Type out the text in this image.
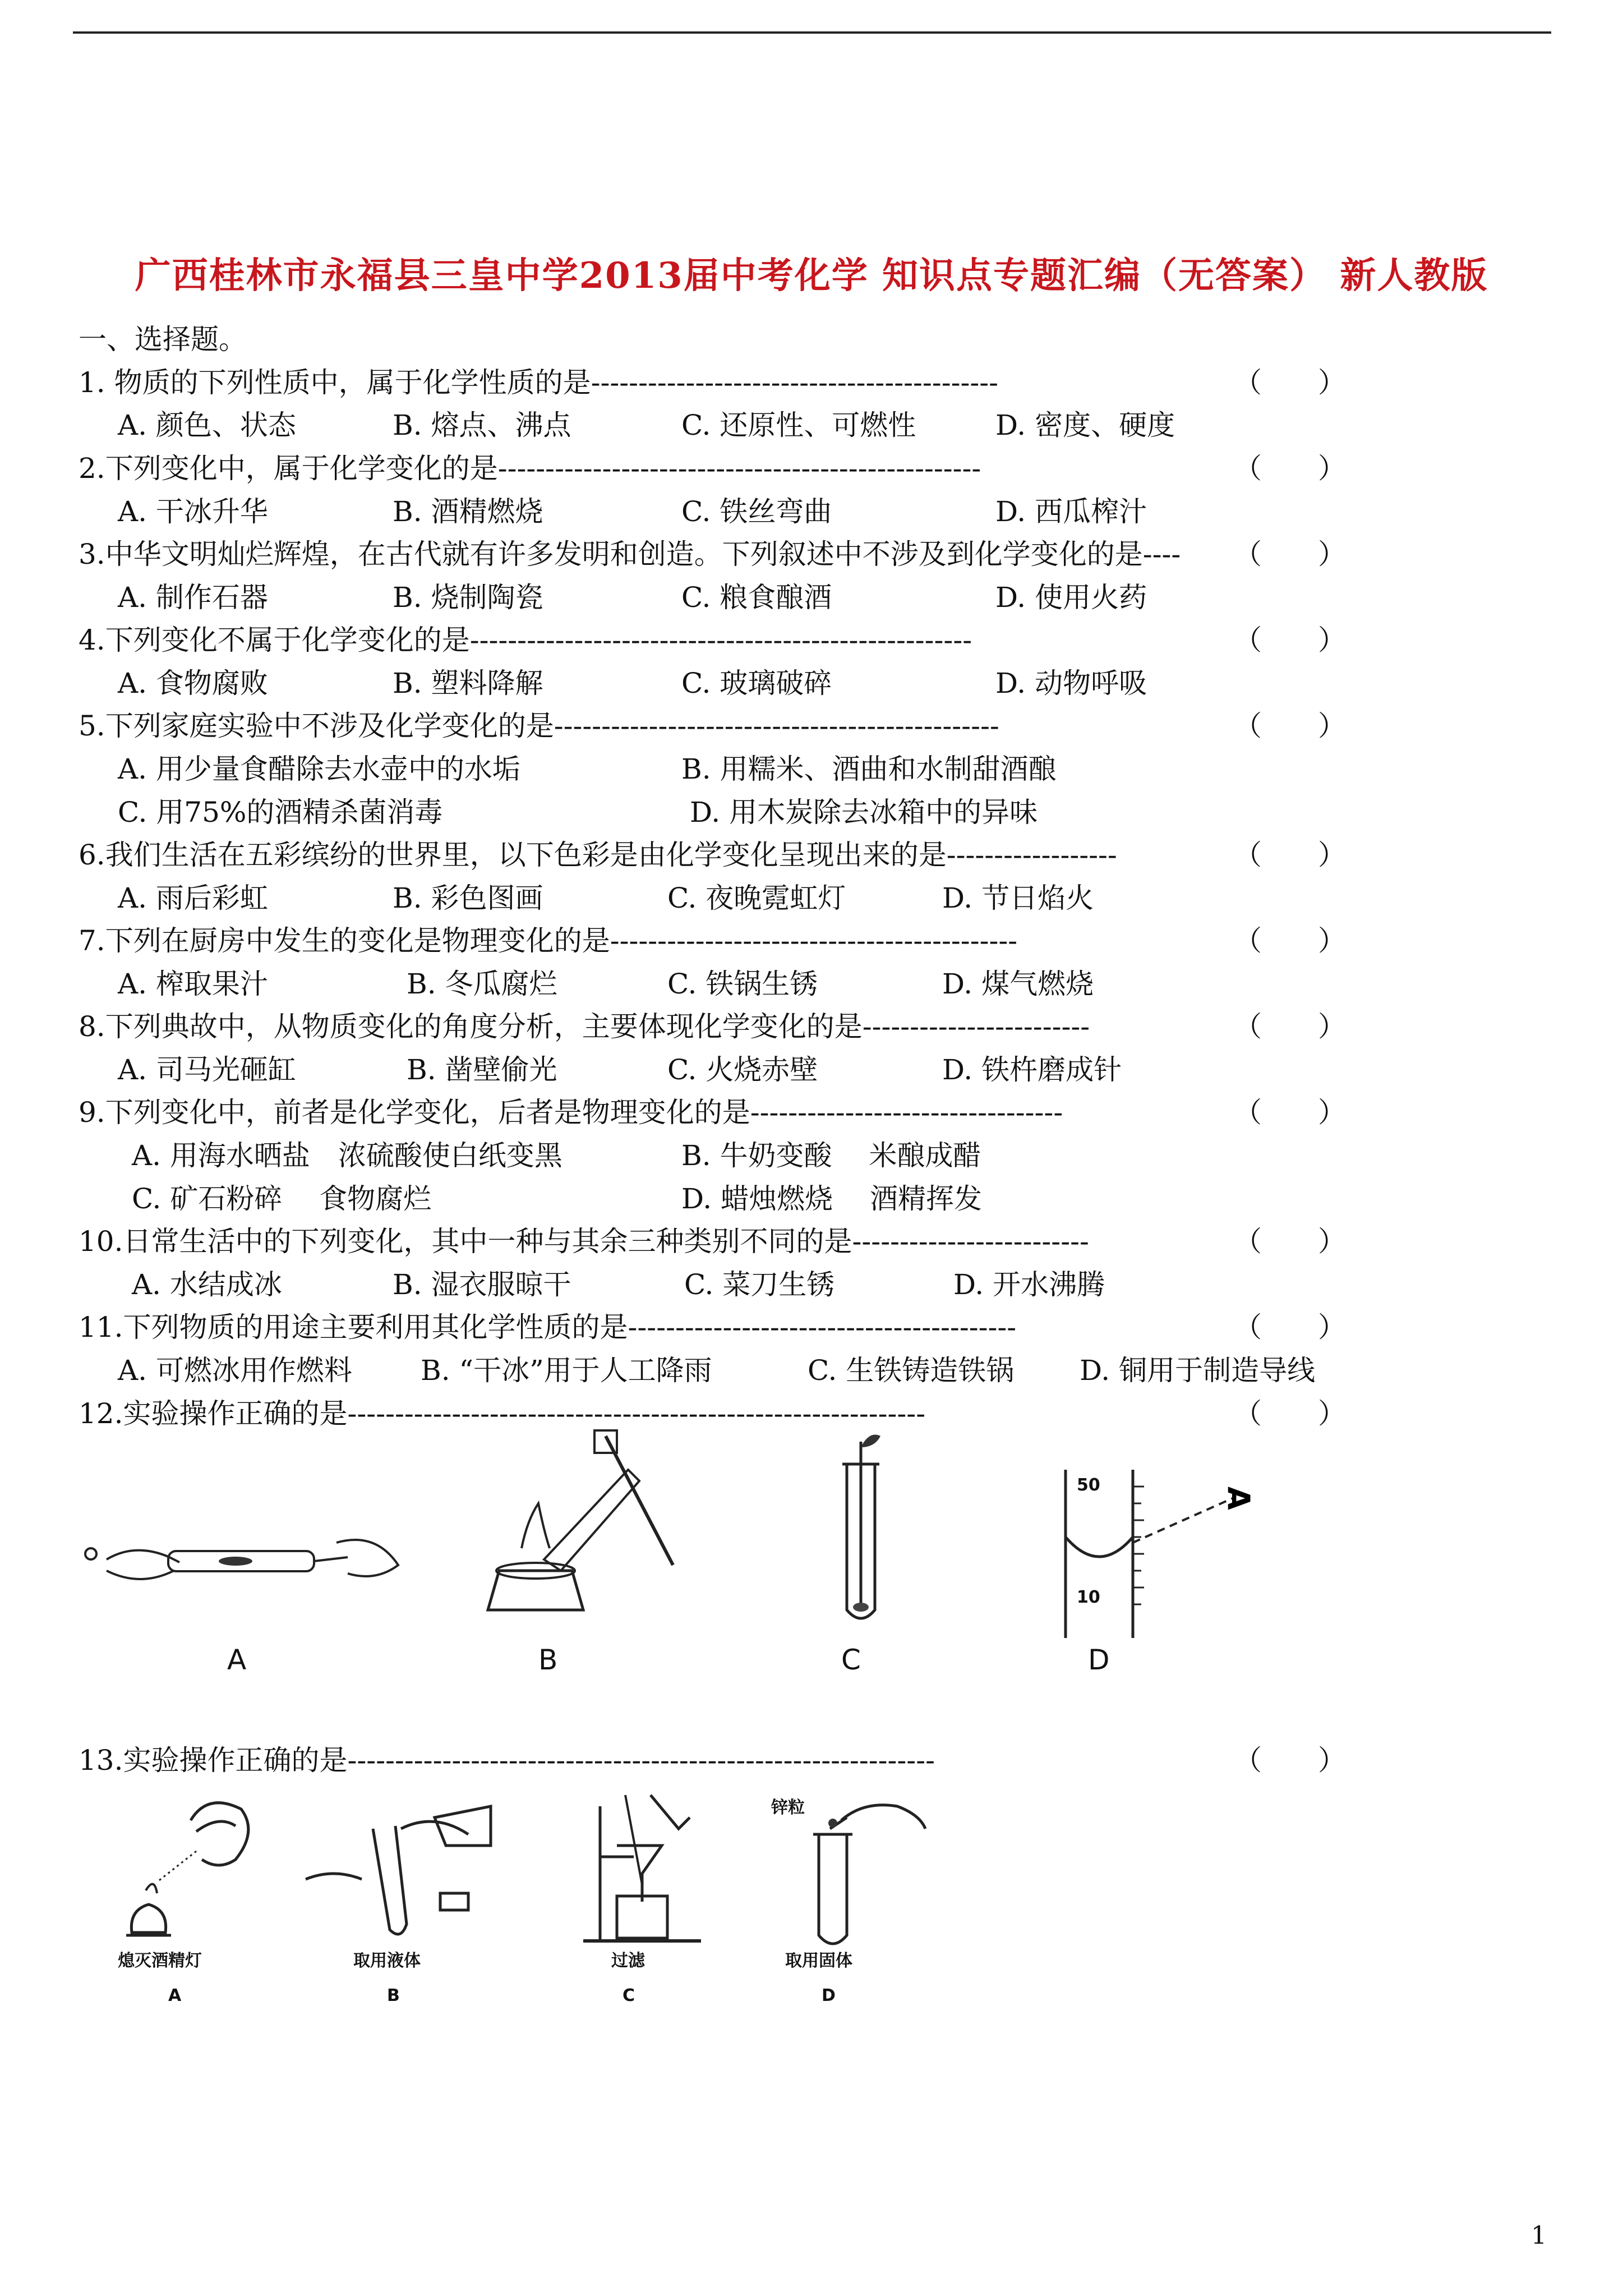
广西桂林市永福县三皇中学2013届中考化学 知识点专题汇编（无答案） 新人教版
一、选择题。
1. 物质的下列性质中，属于化学性质的是-------------------------------------------	（　　）
A. 颜色、状态	B. 熔点、沸点	C. 还原性、可燃性	D. 密度、硬度
2.下列变化中，属于化学变化的是---------------------------------------------------	（　　）
A. 干冰升华	B. 酒精燃烧	C. 铁丝弯曲	D. 西瓜榨汁
3.中华文明灿烂辉煌，在古代就有许多发明和创造。下列叙述中不涉及到化学变化的是---- （　　）
A. 制作石器	B. 烧制陶瓷	C. 粮食酿酒	D. 使用火药
4.下列变化不属于化学变化的是-----------------------------------------------------	（　　）
A. 食物腐败	B. 塑料降解	C. 玻璃破碎	D. 动物呼吸
5.下列家庭实验中不涉及化学变化的是-----------------------------------------------	（　　）
A. 用少量食醋除去水壶中的水垢	B. 用糯米、酒曲和水制甜酒酿
C. 用75%的酒精杀菌消毒	D. 用木炭除去冰箱中的异味
6.我们生活在五彩缤纷的世界里，以下色彩是由化学变化呈现出来的是------------------	（　　）
A. 雨后彩虹	B. 彩色图画	C. 夜晚霓虹灯	D. 节日焰火
7.下列在厨房中发生的变化是物理变化的是-------------------------------------------	（　　）
A. 榨取果汁	B. 冬瓜腐烂	C. 铁锅生锈	D. 煤气燃烧
8.下列典故中，从物质变化的角度分析，主要体现化学变化的是------------------------	（　　）
A. 司马光砸缸	B. 凿壁偷光	C. 火烧赤壁	D. 铁杵磨成针
9.下列变化中，前者是化学变化，后者是物理变化的是---------------------------------	（　　）
A. 用海水晒盐　浓硫酸使白纸变黑	B. 牛奶变酸　 米酿成醋
C. 矿石粉碎　 食物腐烂	D. 蜡烛燃烧　 酒精挥发
10.日常生活中的下列变化，其中一种与其余三种类别不同的是-------------------------	（　　）
A. 水结成冰	B. 湿衣服晾干	C. 菜刀生锈	D. 开水沸腾
11.下列物质的用途主要利用其化学性质的是-----------------------------------------	（　　）
A. 可燃冰用作燃料 B. “干冰”用于人工降雨	C. 生铁铸造铁锅 D. 铜用于制造导线
12.实验操作正确的是-------------------------------------------------------------	（　　）
A
50
10
A	B	C	D
13.实验操作正确的是--------------------------------------------------------------	（　　）
锌粒
熄灭酒精灯	取用液体	过滤	取用固体
A	B	C	D
1
